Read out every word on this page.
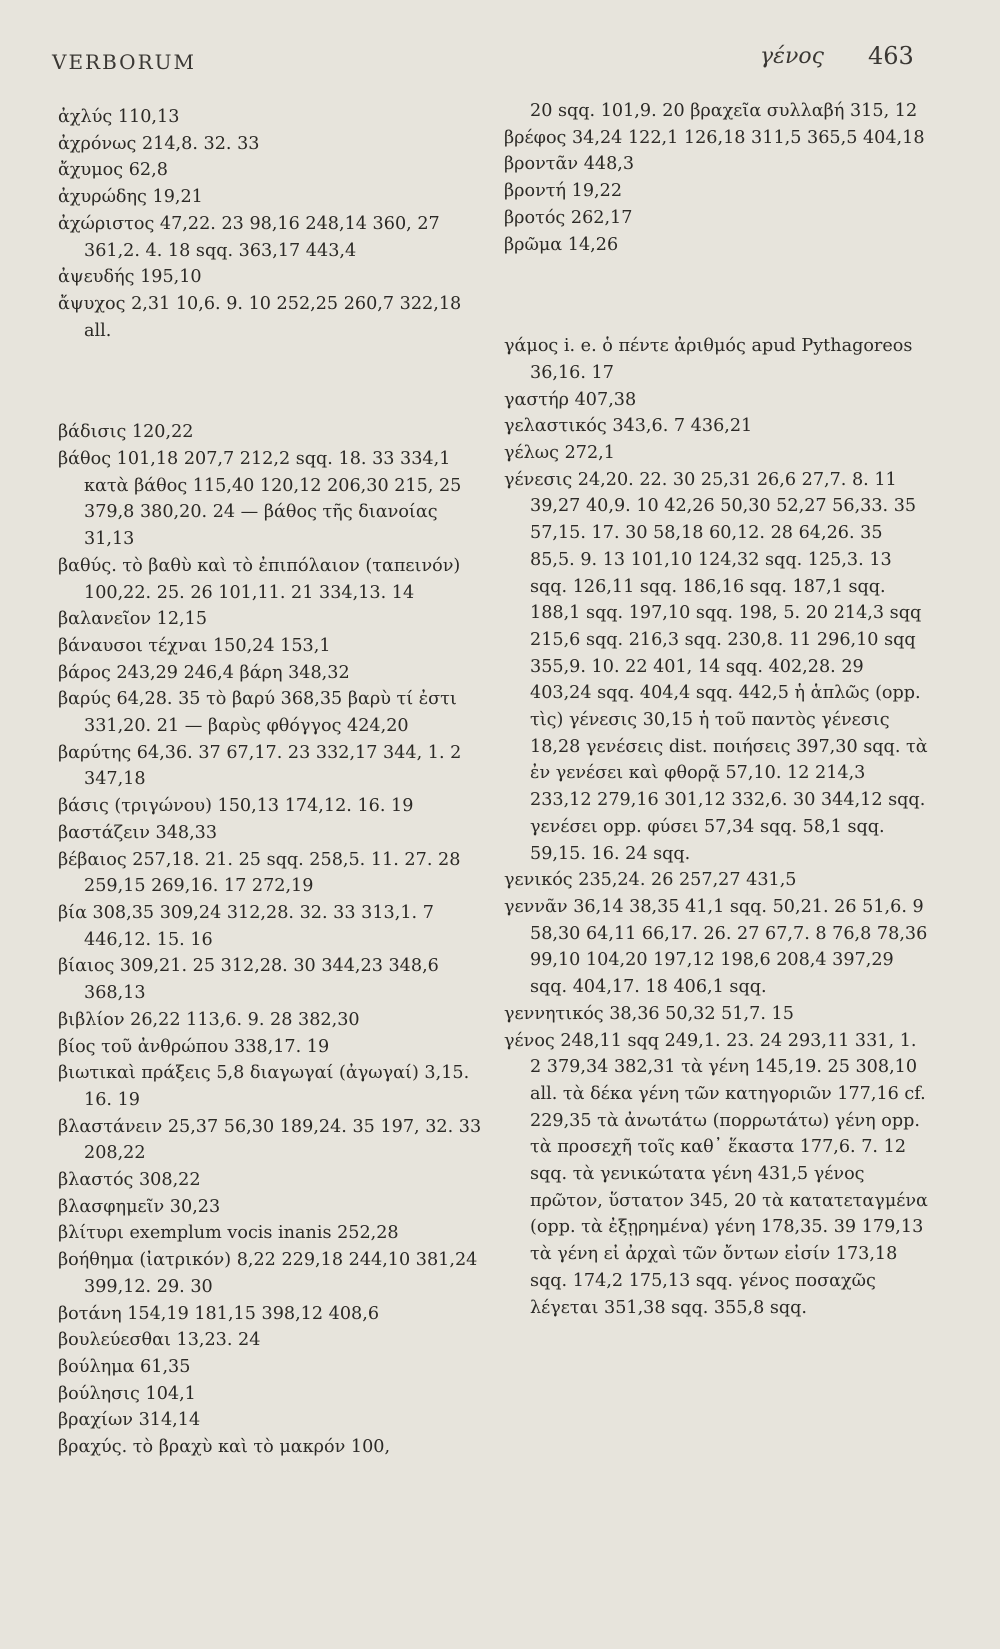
VERBORUM	γένος 463
ἀχλύς 110,13
ἀχρόνως 214,8. 32. 33
ἄχυμος 62,8
ἀχυρώδης 19,21
ἀχώριστος 47,22. 23 98,16 248,14 360, 27 361,2. 4. 18 sqq. 363,17 443,4
ἀψευδής 195,10
ἄψυχος 2,31 10,6. 9. 10 252,25 260,7 322,18 all.
βάδισις 120,22
βάθος 101,18 207,7 212,2 sqq. 18. 33 334,1 κατὰ βάθος 115,40 120,12 206,30 215, 25 379,8 380,20. 24 — βάθος τῆς διανοίας 31,13
βαθύς. τὸ βαθὺ καὶ τὸ ἐπιπόλαιον (ταπεινόν) 100,22. 25. 26 101,11. 21 334,13. 14
βαλανεῖον 12,15
βάναυσοι τέχναι 150,24 153,1
βάρος 243,29 246,4 βάρη 348,32
βαρύς 64,28. 35 τὸ βαρύ 368,35 βαρὺ τί ἐστι 331,20. 21 — βαρὺς φθόγγος 424,20
βαρύτης 64,36. 37 67,17. 23 332,17 344, 1. 2 347,18
βάσις (τριγώνου) 150,13 174,12. 16. 19
βαστάζειν 348,33
βέβαιος 257,18. 21. 25 sqq. 258,5. 11. 27. 28 259,15 269,16. 17 272,19
βία 308,35 309,24 312,28. 32. 33 313,1. 7 446,12. 15. 16
βίαιος 309,21. 25 312,28. 30 344,23 348,6 368,13
βιβλίον 26,22 113,6. 9. 28 382,30
βίος τοῦ ἀνθρώπου 338,17. 19
βιωτικαὶ πράξεις 5,8 διαγωγαί (ἀγωγαί) 3,15. 16. 19
βλαστάνειν 25,37 56,30 189,24. 35 197, 32. 33 208,22
βλαστός 308,22
βλασφημεῖν 30,23
βλίτυρι exemplum vocis inanis 252,28
βοήθημα (ἰατρικόν) 8,22 229,18 244,10 381,24 399,12. 29. 30
βοτάνη 154,19 181,15 398,12 408,6
βουλεύεσθαι 13,23. 24
βούλημα 61,35
βούλησις 104,1
βραχίων 314,14
βραχύς. τὸ βραχὺ καὶ τὸ μακρόν 100,
20 sqq. 101,9. 20 βραχεῖα συλλαβή 315, 12
βρέφος 34,24 122,1 126,18 311,5 365,5 404,18
βροντᾶν 448,3
βροντή 19,22
βροτός 262,17
βρῶμα 14,26
γάμος i. e. ὁ πέντε ἀριθμός apud Pythagoreos 36,16. 17
γαστήρ 407,38
γελαστικός 343,6. 7 436,21
γέλως 272,1
γένεσις 24,20. 22. 30 25,31 26,6 27,7. 8. 11 39,27 40,9. 10 42,26 50,30 52,27 56,33. 35 57,15. 17. 30 58,18 60,12. 28 64,26. 35 85,5. 9. 13 101,10 124,32 sqq. 125,3. 13 sqq. 126,11 sqq. 186,16 sqq. 187,1 sqq. 188,1 sqq. 197,10 sqq. 198, 5. 20 214,3 sqq 215,6 sqq. 216,3 sqq. 230,8. 11 296,10 sqq 355,9. 10. 22 401, 14 sqq. 402,28. 29 403,24 sqq. 404,4 sqq. 442,5 ἡ ἁπλῶς (opp. τὶς) γένεσις 30,15 ἡ τοῦ παντὸς γένεσις 18,28 γενέσεις dist. ποιήσεις 397,30 sqq. τὰ ἐν γενέσει καὶ φθορᾷ 57,10. 12 214,3 233,12 279,16 301,12 332,6. 30 344,12 sqq. γενέσει opp. φύσει 57,34 sqq. 58,1 sqq. 59,15. 16. 24 sqq.
γενικός 235,24. 26 257,27 431,5
γεννᾶν 36,14 38,35 41,1 sqq. 50,21. 26 51,6. 9 58,30 64,11 66,17. 26. 27 67,7. 8 76,8 78,36 99,10 104,20 197,12 198,6 208,4 397,29 sqq. 404,17. 18 406,1 sqq.
γεννητικός 38,36 50,32 51,7. 15
γένος 248,11 sqq 249,1. 23. 24 293,11 331, 1. 2 379,34 382,31 τὰ γένη 145,19. 25 308,10 all. τὰ δέκα γένη τῶν κατηγοριῶν 177,16 cf. 229,35 τὰ ἀνωτάτω (πορρωτάτω) γένη opp. τὰ προσεχῆ τοῖς καθ᾽ ἕκαστα 177,6. 7. 12 sqq. τὰ γενικώτατα γένη 431,5 γένος πρῶτον, ὕστατον 345, 20 τὰ κατατεταγμένα (opp. τὰ ἐξῃρημένα) γένη 178,35. 39 179,13 τὰ γένη εἰ ἀρχαὶ τῶν ὄντων εἰσίν 173,18 sqq. 174,2 175,13 sqq. γένος ποσαχῶς λέγεται 351,38 sqq. 355,8 sqq.
